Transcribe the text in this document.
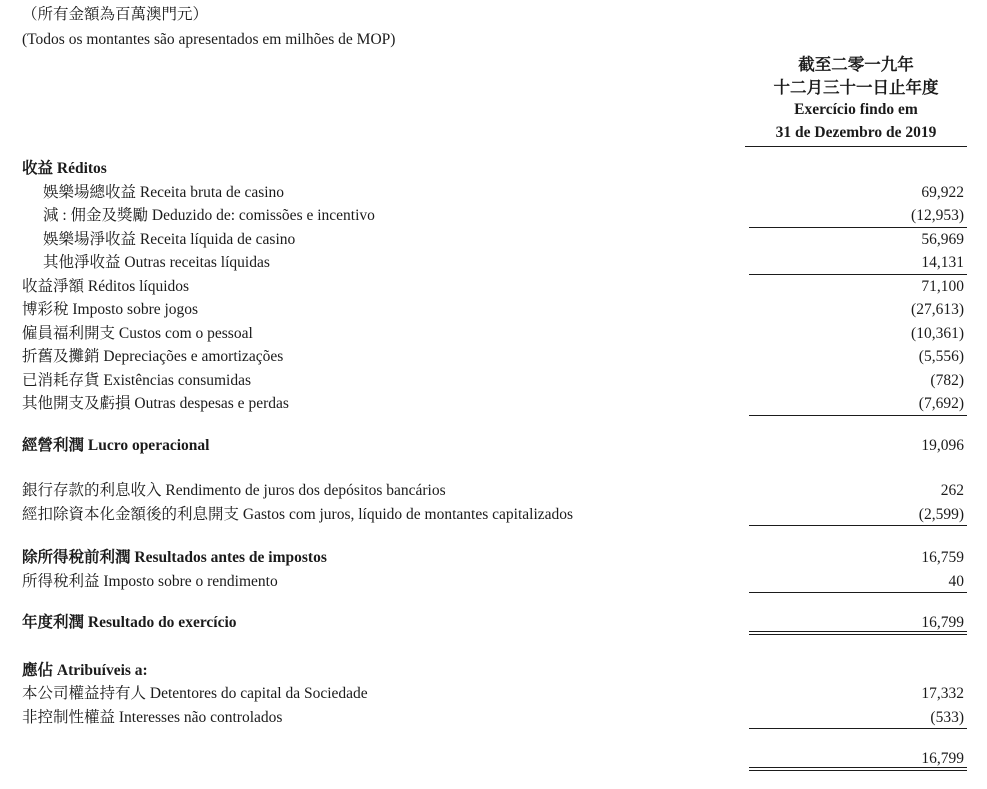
（所有金額為百萬澳門元）
(Todos os montantes são apresentados em milhões de MOP)
截至二零一九年
十二月三十一日止年度
Exercício findo em
31 de Dezembro de 2019
收益 Réditos
娛樂場總收益 Receita bruta de casino	69,922
減 : 佣金及獎勵 Deduzido de: comissões e incentivo	(12,953)
娛樂場淨收益 Receita líquida de casino	56,969
其他淨收益 Outras receitas líquidas	14,131
收益淨額 Réditos líquidos	71,100
博彩稅 Imposto sobre jogos	(27,613)
僱員福利開支 Custos com o pessoal	(10,361)
折舊及攤銷 Depreciações e amortizações	(5,556)
已消耗存貨 Existências consumidas	(782)
其他開支及虧損 Outras despesas e perdas	(7,692)
經營利潤 Lucro operacional	19,096
銀行存款的利息收入 Rendimento de juros dos depósitos bancários	262
經扣除資本化金額後的利息開支 Gastos com juros, líquido de montantes capitalizados	(2,599)
除所得稅前利潤 Resultados antes de impostos	16,759
所得稅利益 Imposto sobre o rendimento	40
年度利潤 Resultado do exercício	16,799
應佔 Atribuíveis a:
本公司權益持有人 Detentores do capital da Sociedade	17,332
非控制性權益 Interesses não controlados	(533)
16,799
